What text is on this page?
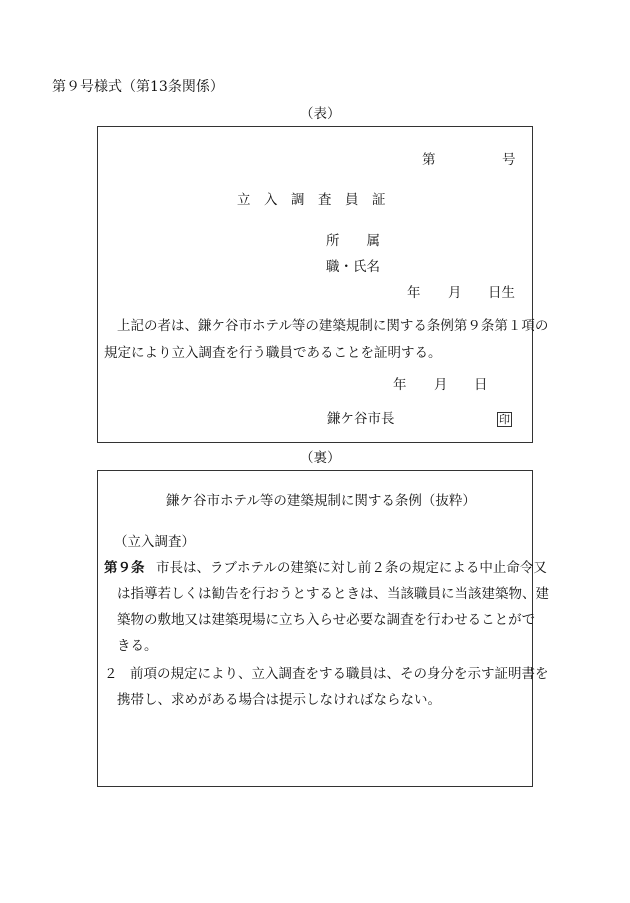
第９号様式（第13条関係）
（表）
第	号
立　入　調　査　員　証
所　　属
職・氏名
年 月 日生
上記の者は、鎌ケ谷市ホテル等の建築規制に関する条例第９条第１項の
規定により立入調査を行う職員であることを証明する。
年 月 日
鎌ケ谷市長	印
（裏）
鎌ケ谷市ホテル等の建築規制に関する条例（抜粋）
（立入調査）
第９条 市長は、ラブホテルの建築に対し前２条の規定による中止命令又
は指導若しくは勧告を行おうとするときは、当該職員に当該建築物、建
築物の敷地又は建築現場に立ち入らせ必要な調査を行わせることがで
きる。
２ 前項の規定により、立入調査をする職員は、その身分を示す証明書を
携帯し、求めがある場合は提示しなければならない。
